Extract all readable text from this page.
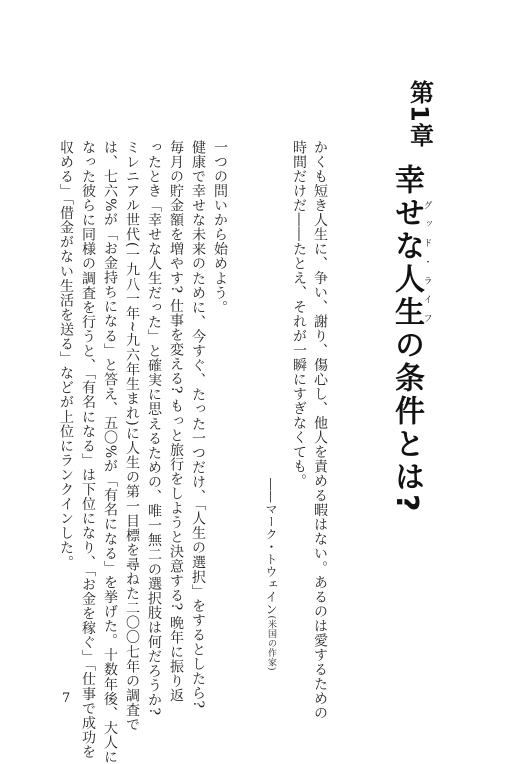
第1章
幸せな人生グッド・ライフの条件とは?
かくも短き人生に、争い、謝り、傷心し、他人を責める暇はない。あるのは愛するための
時間だけだ――たとえ、それが一瞬にすぎなくても。
――マーク・トウェイン(米国の作家)
一つの問いから始めよう。
健康で幸せな未来のために、今すぐ、たった一つだけ、「人生の選択」をするとしたら?
毎月の貯金額を増やす? 仕事を変える? もっと旅行をしようと決意する? 晩年に振り返
ったとき「幸せな人生だった」と確実に思えるための、唯一無二の選択肢は何だろうか?
ミレニアル世代(一九八一年~九六年生まれ)に人生の第一目標を尋ねた二〇〇七年の調査で
は、七六%が「お金持ちになる」と答え、五〇%が「有名になる」を挙げた。十数年後、大人に
なった彼らに同様の調査を行うと、「有名になる」は下位になり、「お金を稼ぐ」「仕事で成功を
収める」「借金がない生活を送る」などが上位にランクインした。
7
